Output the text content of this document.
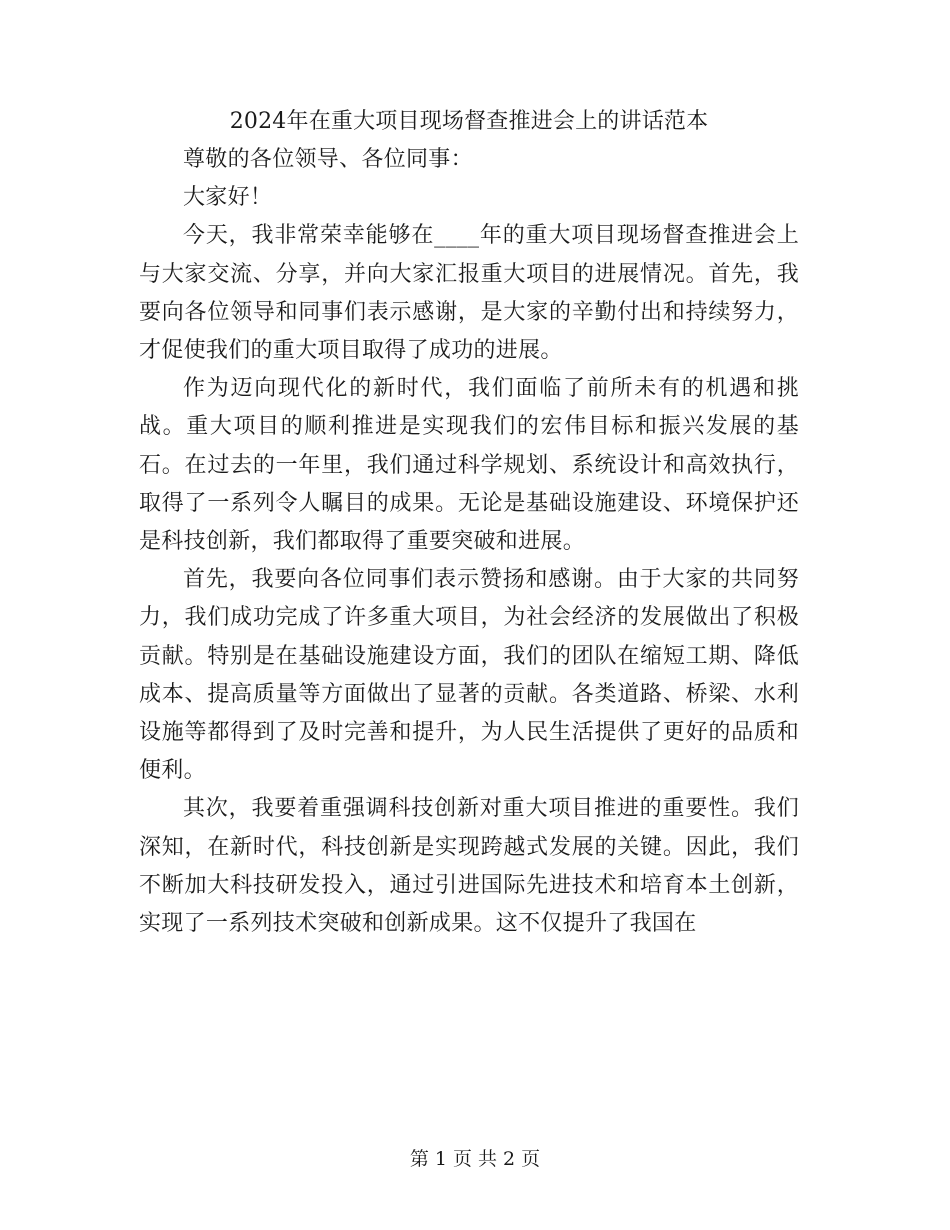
2024年在重大项目现场督查推进会上的讲话范本

尊敬的各位领导、各位同事：

大家好！

今天，我非常荣幸能够在____年的重大项目现场督查推进会上与大家交流、分享，并向大家汇报重大项目的进展情况。首先，我要向各位领导和同事们表示感谢，是大家的辛勤付出和持续努力，才促使我们的重大项目取得了成功的进展。

作为迈向现代化的新时代，我们面临了前所未有的机遇和挑战。重大项目的顺利推进是实现我们的宏伟目标和振兴发展的基石。在过去的一年里，我们通过科学规划、系统设计和高效执行，取得了一系列令人瞩目的成果。无论是基础设施建设、环境保护还是科技创新，我们都取得了重要突破和进展。

首先，我要向各位同事们表示赞扬和感谢。由于大家的共同努力，我们成功完成了许多重大项目，为社会经济的发展做出了积极贡献。特别是在基础设施建设方面，我们的团队在缩短工期、降低成本、提高质量等方面做出了显著的贡献。各类道路、桥梁、水利设施等都得到了及时完善和提升，为人民生活提供了更好的品质和便利。

其次，我要着重强调科技创新对重大项目推进的重要性。我们深知，在新时代，科技创新是实现跨越式发展的关键。因此，我们不断加大科技研发投入，通过引进国际先进技术和培育本土创新，实现了一系列技术突破和创新成果。这不仅提升了我国在

第 1 页 共 2 页
